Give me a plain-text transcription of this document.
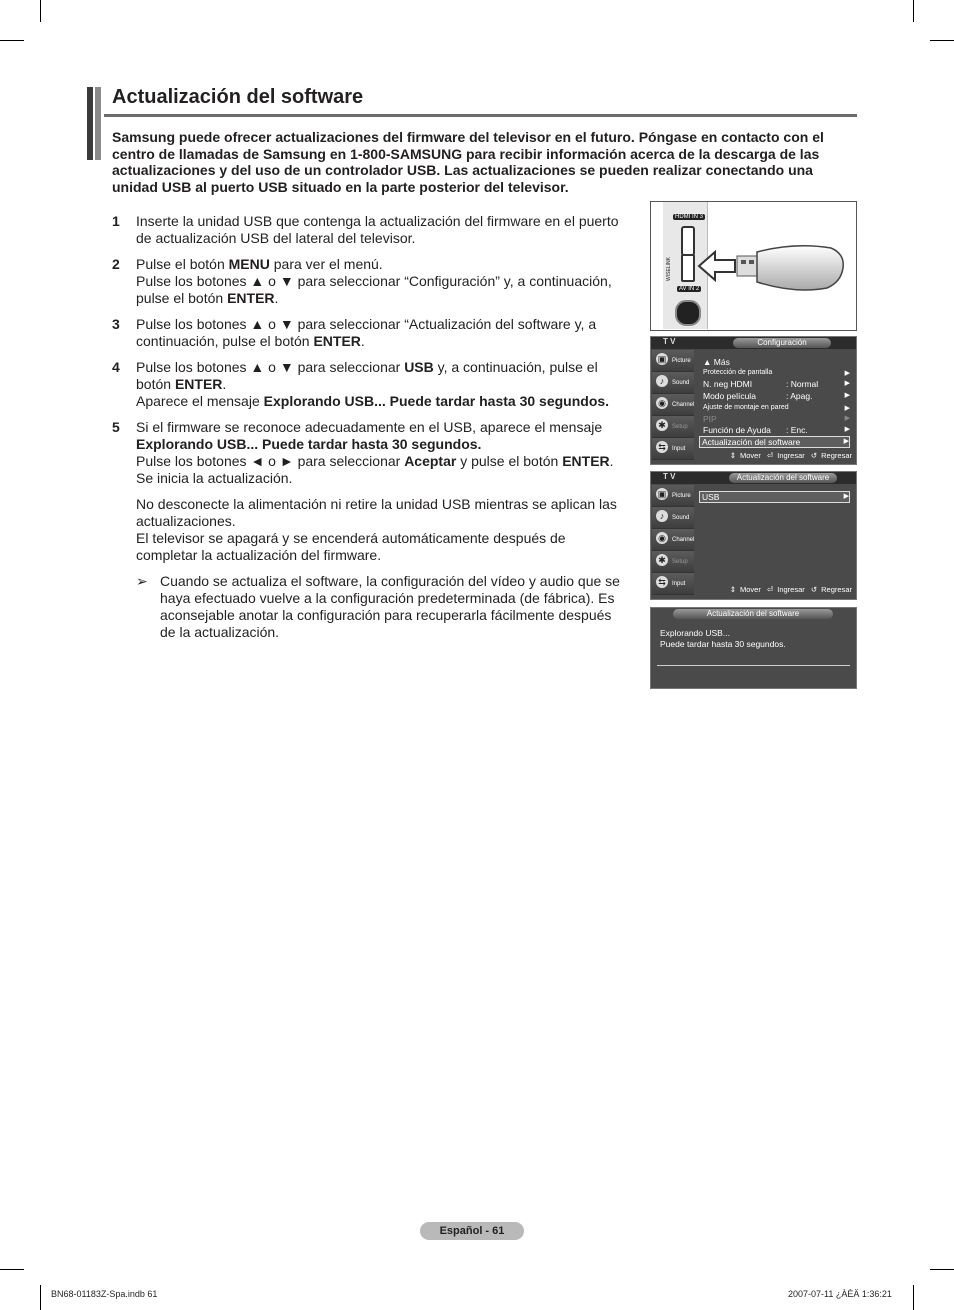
Actualización del software
Samsung puede ofrecer actualizaciones del firmware del televisor en el futuro. Póngase en contacto con el centro de llamadas de Samsung en 1-800-SAMSUNG para recibir información acerca de la descarga de las actualizaciones y del uso de un controlador USB. Las actualizaciones se pueden realizar conectando una unidad USB al puerto USB situado en la parte posterior del televisor.
1 Inserte la unidad USB que contenga la actualización del firmware en el puerto de actualización USB del lateral del televisor.

2 Pulse el botón MENU para ver el menú.

Pulse los botones ▲ o ▼ para seleccionar “Configuración” y, a continuación, pulse el botón ENTER.

3 Pulse los botones ▲ o ▼ para seleccionar “Actualización del software y, a continuación, pulse el botón ENTER.

4 Pulse los botones ▲ o ▼ para seleccionar USB y, a continuación, pulse el botón ENTER.

Aparece el mensaje Explorando USB... Puede tardar hasta 30 segundos.

5 Si el firmware se reconoce adecuadamente en el USB, aparece el mensaje Explorando USB... Puede tardar hasta 30 segundos.

Pulse los botones ◄ o ► para seleccionar Aceptar y pulse el botón ENTER.

Se inicia la actualización.

No desconecte la alimentación ni retire la unidad USB mientras se aplican las actualizaciones.
El televisor se apagará y se encenderá automáticamente después de completar la actualización del firmware.
➢ Cuando se actualiza el software, la configuración del vídeo y audio que se haya efectuado vuelve a la configuración predeterminada (de fábrica). Es aconsejable anotar la configuración para recuperarla fácilmente después de la actualización.
HDMI IN 3
WISELINK
AV IN 2
T V	Configuración
▣ Picture
♪	Sound
◉	Channel
✱	Setup
⇆	Input
▲ Más
Protección de pantalla	▶
N. neg HDMI	: Normal	▶
Modo película	: Apag.	▶
Ajuste de montaje en pared	▶
PIP	▶
Función de Ayuda : Enc.	▶
Actualización del software	▶
⇕ Mover ⏎ Ingresar ↺ Regresar
T V	Actualización del software
▣ Picture
♪	Sound
◉	Channel
✱	Setup
⇆	Input
USB	▶
⇕ Mover ⏎ Ingresar ↺ Regresar
Actualización del software
Explorando USB...
Puede tardar hasta 30 segundos.
Español - 61
BN68-01183Z-Spa.indb 61	2007-07-11 ¿ÀÈÄ 1:36:21
